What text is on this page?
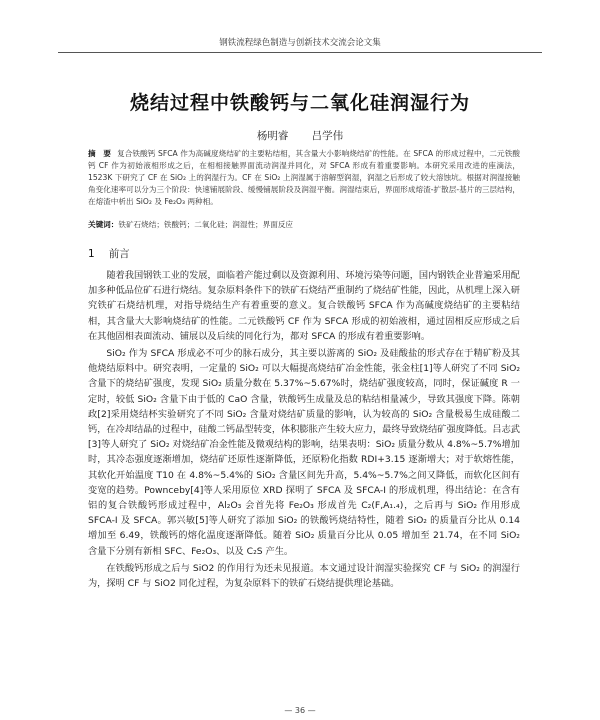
钢铁流程绿色制造与创新技术交流会论文集
烧结过程中铁酸钙与二氧化硅润湿行为
杨明睿 吕学伟
摘　要 复合铁酸钙 SFCA 作为高碱度烧结矿的主要粘结相，其含量大小影响烧结矿的性能。在 SFCA 的形成过程中，二元铁酸钙 CF 作为初始液相形成之后，在相相接触界面流动润湿并同化，对 SFCA 形成有着重要影响。本研究采用改进的座滴法，1523K 下研究了 CF 在 SiO₂ 上的润湿行为。CF 在 SiO₂ 上润湿属于溶解型润湿，润湿之后形成了较大溶蚀坑。根据对润湿接触角变化速率可以分为三个阶段：快速铺展阶段、缓慢铺展阶段及润湿平衡。润湿结束后，界面形成熔渣-扩散层-基片的三层结构，在熔渣中析出 SiO₂ 及 Fe₂O₃ 两种相。
关键词：铁矿石烧结；铁酸钙；二氧化硅；润湿性；界面反应
1 前言

随着我国钢铁工业的发展，面临着产能过剩以及资源利用、环境污染等问题，国内钢铁企业普遍采用配加多种低品位矿石进行烧结。复杂原料条件下的铁矿石烧结严重制约了烧结矿性能，因此，从机理上深入研究铁矿石烧结机理，对指导烧结生产有着重要的意义。复合铁酸钙 SFCA 作为高碱度烧结矿的主要粘结相，其含量大大影响烧结矿的性能。二元铁酸钙 CF 作为 SFCA 形成的初始液相，通过固相反应形成之后在其他固相表面流动、铺展以及后续的同化行为，都对 SFCA 的形成有着重要影响。

SiO₂ 作为 SFCA 形成必不可少的脉石成分，其主要以游离的 SiO₂ 及硅酸盐的形式存在于精矿粉及其他烧结原料中。研究表明，一定量的 SiO₂ 可以大幅提高烧结矿冶金性能，张金柱[1]等人研究了不同 SiO₂ 含量下的烧结矿强度，发现 SiO₂ 质量分数在 5.37%~5.67%时，烧结矿强度较高，同时，保证碱度 R 一定时，较低 SiO₂ 含量下由于低的 CaO 含量，铁酸钙生成量及总的粘结相量减少，导致其强度下降。陈朝政[2]采用烧结杯实验研究了不同 SiO₂ 含量对烧结矿质量的影响，认为较高的 SiO₂ 含量极易生成硅酸二钙，在冷却结晶的过程中，硅酸二钙晶型转变，体积膨胀产生较大应力，最终导致烧结矿强度降低。吕志武[3]等人研究了 SiO₂ 对烧结矿冶金性能及微观结构的影响，结果表明：SiO₂ 质量分数从 4.8%~5.7%增加时，其冷态强度逐渐增加，烧结矿还原性逐渐降低，还原粉化指数 RDI+3.15 逐渐增大；对于软熔性能，其软化开始温度 T10 在 4.8%~5.4%的 SiO₂ 含量区间先升高，5.4%~5.7%之间又降低，而软化区间有变宽的趋势。Pownceby[4]等人采用原位 XRD 探明了 SFCA 及 SFCA-I 的形成机理，得出结论：在含有铝的复合铁酸钙形成过程中，Al₂O₃ 会首先将 Fe₂O₃ 形成首先 C₂(F,A₁.₄)，之后再与 SiO₂ 作用形成 SFCA-I 及 SFCA。郭兴敏[5]等人研究了添加 SiO₂ 的铁酸钙烧结特性，随着 SiO₂ 的质量百分比从 0.14 增加至 6.49，铁酸钙的熔化温度逐渐降低。随着 SiO₂ 质量百分比从 0.05 增加至 21.74，在不同 SiO₂ 含量下分别有新相 SFC、Fe₂O₃、以及 C₂S 产生。

在铁酸钙形成之后与 SiO2 的作用行为还未见报道。本文通过设计润湿实验探究 CF 与 SiO₂ 的润湿行为，探明 CF 与 SiO2 同化过程，为复杂原料下的铁矿石烧结提供理论基础。

— 36 —
